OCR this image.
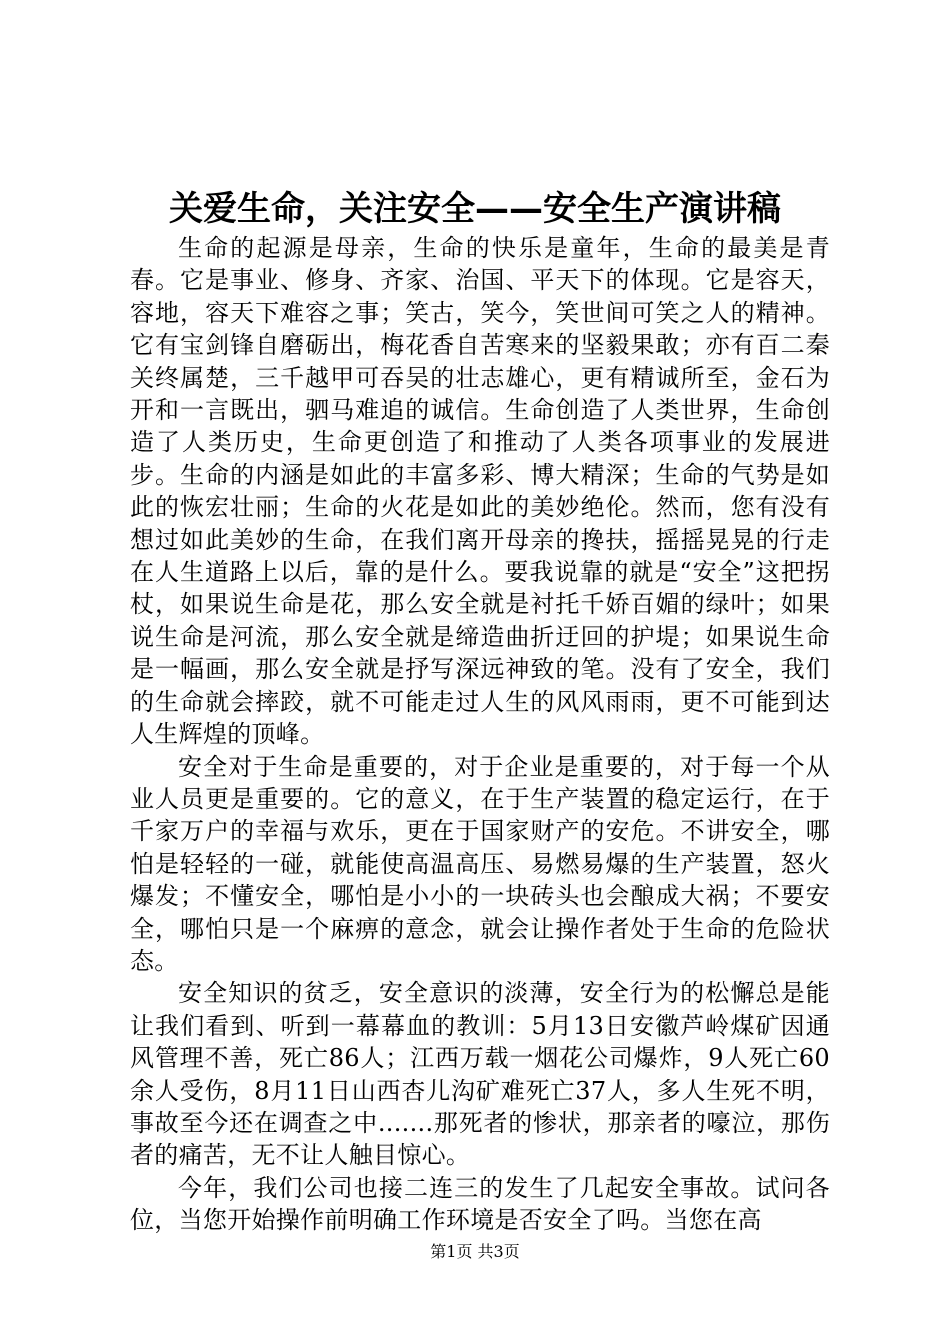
关爱生命，关注安全——安全生产演讲稿

生命的起源是母亲，生命的快乐是童年，生命的最美是青春。它是事业、修身、齐家、治国、平天下的体现。它是容天，容地，容天下难容之事；笑古，笑今，笑世间可笑之人的精神。它有宝剑锋自磨砺出，梅花香自苦寒来的坚毅果敢；亦有百二秦关终属楚，三千越甲可吞吴的壮志雄心，更有精诚所至，金石为开和一言既出，驷马难追的诚信。生命创造了人类世界，生命创造了人类历史，生命更创造了和推动了人类各项事业的发展进步。生命的内涵是如此的丰富多彩、博大精深；生命的气势是如此的恢宏壮丽；生命的火花是如此的美妙绝伦。然而，您有没有想过如此美妙的生命，在我们离开母亲的搀扶，摇摇晃晃的行走在人生道路上以后，靠的是什么。要我说靠的就是“安全”这把拐杖，如果说生命是花，那么安全就是衬托千娇百媚的绿叶；如果说生命是河流，那么安全就是缔造曲折迂回的护堤；如果说生命是一幅画，那么安全就是抒写深远神致的笔。没有了安全，我们的生命就会摔跤，就不可能走过人生的风风雨雨，更不可能到达人生辉煌的顶峰。

安全对于生命是重要的，对于企业是重要的，对于每一个从业人员更是重要的。它的意义，在于生产装置的稳定运行，在于千家万户的幸福与欢乐，更在于国家财产的安危。不讲安全，哪怕是轻轻的一碰，就能使高温高压、易燃易爆的生产装置，怒火爆发；不懂安全，哪怕是小小的一块砖头也会酿成大祸；不要安全，哪怕只是一个麻痹的意念，就会让操作者处于生命的危险状态。

安全知识的贫乏，安全意识的淡薄，安全行为的松懈总是能让我们看到、听到一幕幕血的教训：5月13日安徽芦岭煤矿因通风管理不善，死亡86人；江西万载一烟花公司爆炸，9人死亡60余人受伤，8月11日山西杏儿沟矿难死亡37人，多人生死不明，事故至今还在调查之中.......那死者的惨状，那亲者的嚎泣，那伤者的痛苦，无不让人触目惊心。

今年，我们公司也接二连三的发生了几起安全事故。试问各位，当您开始操作前明确工作环境是否安全了吗。当您在高

第1页 共3页
